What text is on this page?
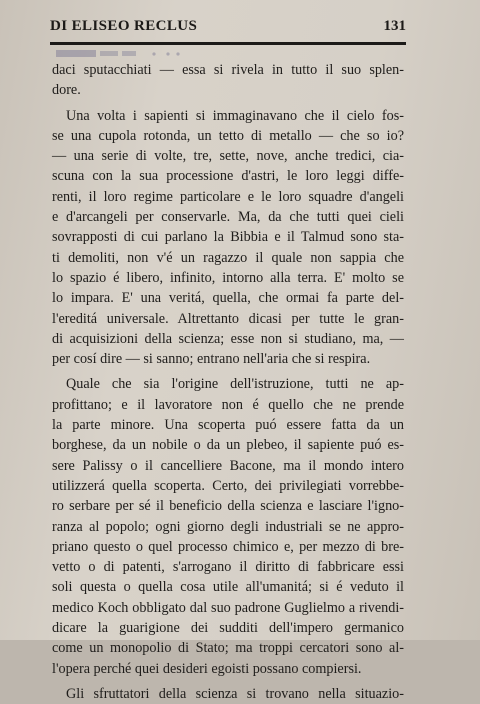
DI ELISEO RECLUS	131

daci sputacchiati — essa si rivela in tutto il suo splen-
dore.

Una volta i sapienti si immaginavano che il cielo fos-
se una cupola rotonda, un tetto di metallo — che so io?
— una serie di volte, tre, sette, nove, anche tredici, cia-
scuna con la sua processione d'astri, le loro leggi diffe-
renti, il loro regime particolare e le loro squadre d'angeli
e d'arcangeli per conservarle. Ma, da che tutti quei cieli
sovrapposti di cui parlano la Bibbia e il Talmud sono sta-
ti demoliti, non v'é un ragazzo il quale non sappia che
lo spazio é libero, infinito, intorno alla terra. E' molto se
lo impara. E' una veritá, quella, che ormai fa parte del-
l'ereditá universale. Altrettanto dicasi per tutte le gran-
di acquisizioni della scienza; esse non si studiano, ma, —
per cosí dire — si sanno; entrano nell'aria che si respira.

Quale che sia l'origine dell'istruzione, tutti ne ap-
profittano; e il lavoratore non é quello che ne prende
la parte minore. Una scoperta puó essere fatta da un
borghese, da un nobile o da un plebeo, il sapiente puó es-
sere Palissy o il cancelliere Bacone, ma il mondo intero
utilizzerá quella scoperta. Certo, dei privilegiati vorrebbe-
ro serbare per sé il beneficio della scienza e lasciare l'igno-
ranza al popolo; ogni giorno degli industriali se ne appro-
priano questo o quel processo chimico e, per mezzo di bre-
vetto o di patenti, s'arrogano il diritto di fabbricare essi
soli questa o quella cosa utile all'umanitá; si é veduto il
medico Koch obbligato dal suo padrone Guglielmo a rivendi-
dicare la guarigione dei sudditi dell'impero germanico
come un monopolio di Stato; ma troppi cercatori sono al-
l'opera perché quei desideri egoisti possano compiersi.

Gli sfruttatori della scienza si trovano nella situazio-
